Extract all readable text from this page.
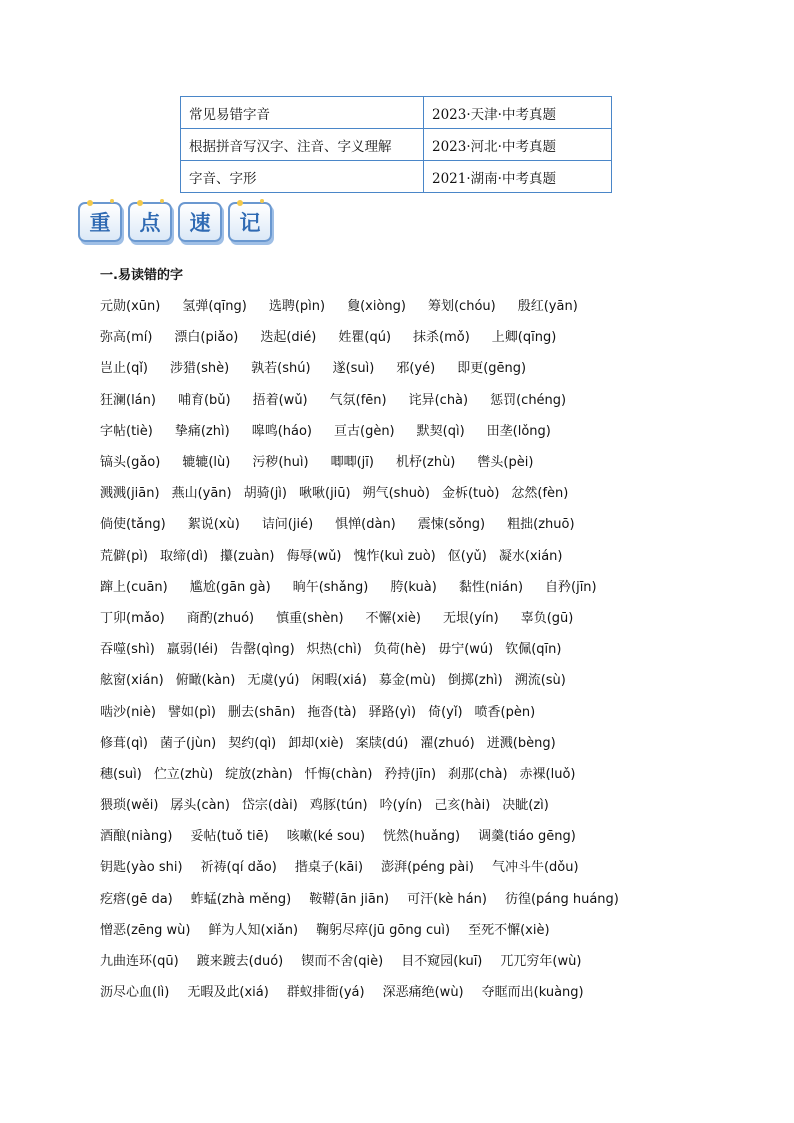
常见易错字音	2023·天津·中考真题
根据拼音写汉字、注音、字义理解	2023·河北·中考真题
字音、字形	2021·湖南·中考真题
重	点	速	记
一.易读错的字
元勋(xūn) 氢弹(qīng) 选聘(pìn) 敻(xiòng) 筹划(chóu) 殷红(yān)
弥高(mí) 漂白(piǎo) 迭起(dié) 姓瞿(qú) 抹杀(mǒ) 上卿(qīng)
岂止(qǐ) 涉猎(shè) 孰若(shú) 遂(suì) 邪(yé) 即更(gēng)
狂澜(lán) 哺育(bǔ) 捂着(wǔ) 气氛(fēn) 诧异(chà) 惩罚(chéng)
字帖(tiè) 挚痛(zhì) 嗥鸣(háo) 亘古(gèn) 默契(qì) 田垄(lǒng)
镐头(gǎo) 辘辘(lù) 污秽(huì) 唧唧(jī) 机杼(zhù) 辔头(pèi)
溅溅(jiān) 燕山(yān) 胡骑(jì) 啾啾(jiū) 朔气(shuò) 金柝(tuò) 忿然(fèn)
倘使(tǎng) 絮说(xù) 诘问(jié) 惧惮(dàn) 震悚(sǒng) 粗拙(zhuō)
荒僻(pì) 取缔(dì) 攥(zuàn) 侮辱(wǔ) 愧怍(kuì zuò) 伛(yǔ) 凝水(xián)
蹿上(cuān) 尴尬(gān gà) 晌午(shǎng) 胯(kuà) 黏性(nián) 自矜(jīn)
丁卯(mǎo) 商酌(zhuó) 慎重(shèn) 不懈(xiè) 无垠(yín) 辜负(gū)
吞噬(shì) 羸弱(léi) 告罄(qìng) 炽热(chì) 负荷(hè) 毋宁(wú) 钦佩(qīn)
舷窗(xián) 俯瞰(kàn) 无虞(yú) 闲暇(xiá) 募金(mù) 倒掷(zhì) 溯流(sù)
啮沙(niè) 譬如(pì) 删去(shān) 拖沓(tà) 驿路(yì) 倚(yǐ) 喷香(pèn)
修葺(qì) 菌子(jùn) 契约(qì) 卸却(xiè) 案牍(dú) 濯(zhuó) 迸溅(bèng)
穗(suì) 伫立(zhù) 绽放(zhàn) 忏悔(chàn) 矜持(jīn) 刹那(chà) 赤裸(luǒ)
猥琐(wěi) 孱头(càn) 岱宗(dài) 鸡豚(tún) 吟(yín) 己亥(hài) 决眦(zì)
酒酿(niàng) 妥帖(tuǒ tiē) 咳嗽(ké sou) 恍然(huǎng) 调羹(tiáo gēng)
钥匙(yào shi) 祈祷(qí dǎo) 揩桌子(kāi) 澎湃(péng pài) 气冲斗牛(dǒu)
疙瘩(gē da) 蚱蜢(zhà měng) 鞍鞯(ān jiān) 可汗(kè hán) 彷徨(páng huáng)
憎恶(zēng wù) 鲜为人知(xiǎn) 鞠躬尽瘁(jū gōng cuì) 至死不懈(xiè)
九曲连环(qū) 踱来踱去(duó) 锲而不舍(qiè) 目不窥园(kuī) 兀兀穷年(wù)
沥尽心血(lì) 无暇及此(xiá) 群蚁排衙(yá) 深恶痛绝(wù) 夺眶而出(kuàng)
